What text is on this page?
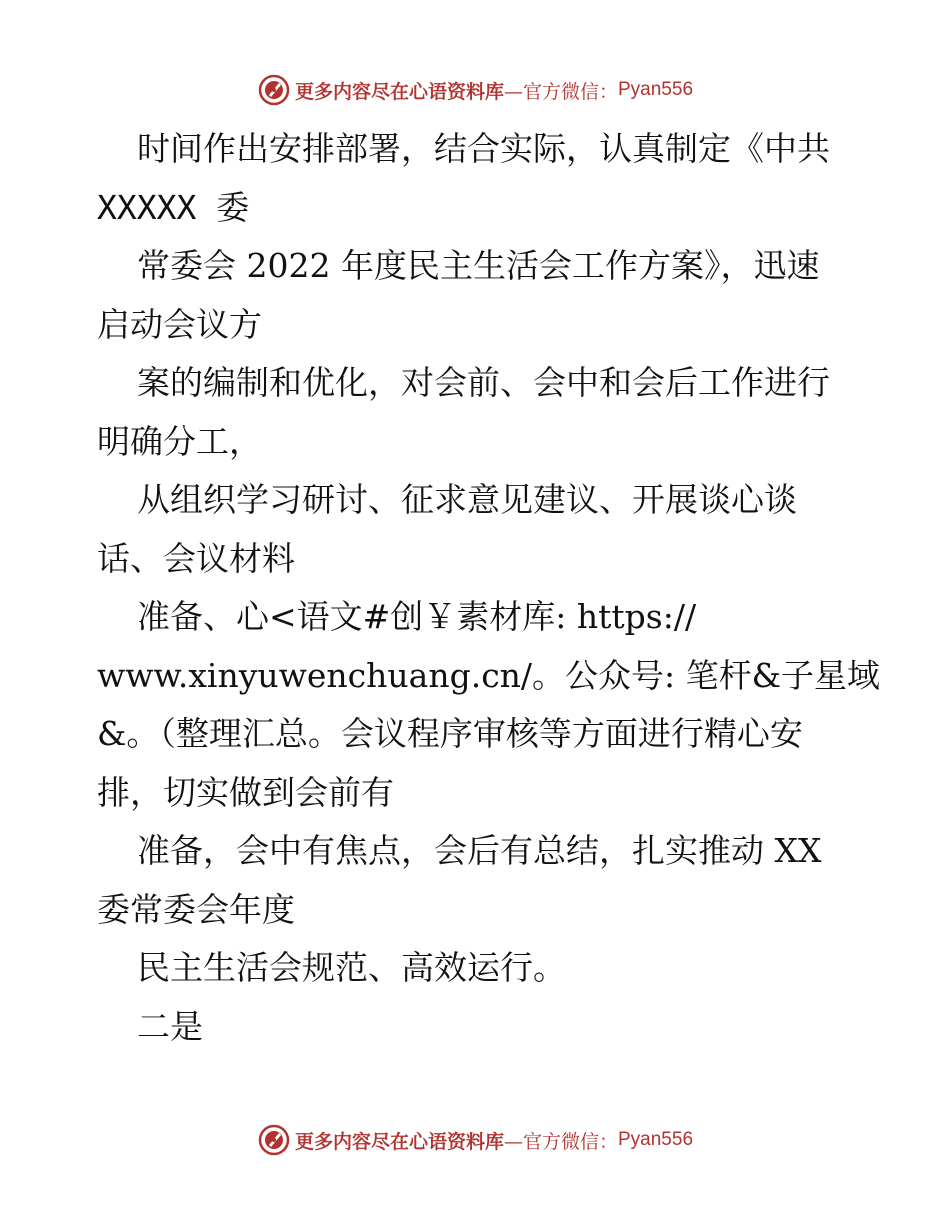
更多内容尽在心语资料库 —官方微信： Pyan556
时间作出安排部署，结合实际，认真制定《中共
XXXXX 委
常委会 2022 年度民主生活会工作方案》，迅速
启动会议方
案的编制和优化，对会前、会中和会后工作进行
明确分工，
从组织学习研讨、征求意见建议、开展谈心谈
话、会议材料
准备、心<语文#创￥素材库: https://
www.xinyuwenchuang.cn/。公众号: 笔杆&子星域
&。（整理汇总。会议程序审核等方面进行精心安
排，切实做到会前有
准备，会中有焦点，会后有总结，扎实推动 XX
委常委会年度
民主生活会规范、高效运行。
二是
更多内容尽在心语资料库 —官方微信： Pyan556
